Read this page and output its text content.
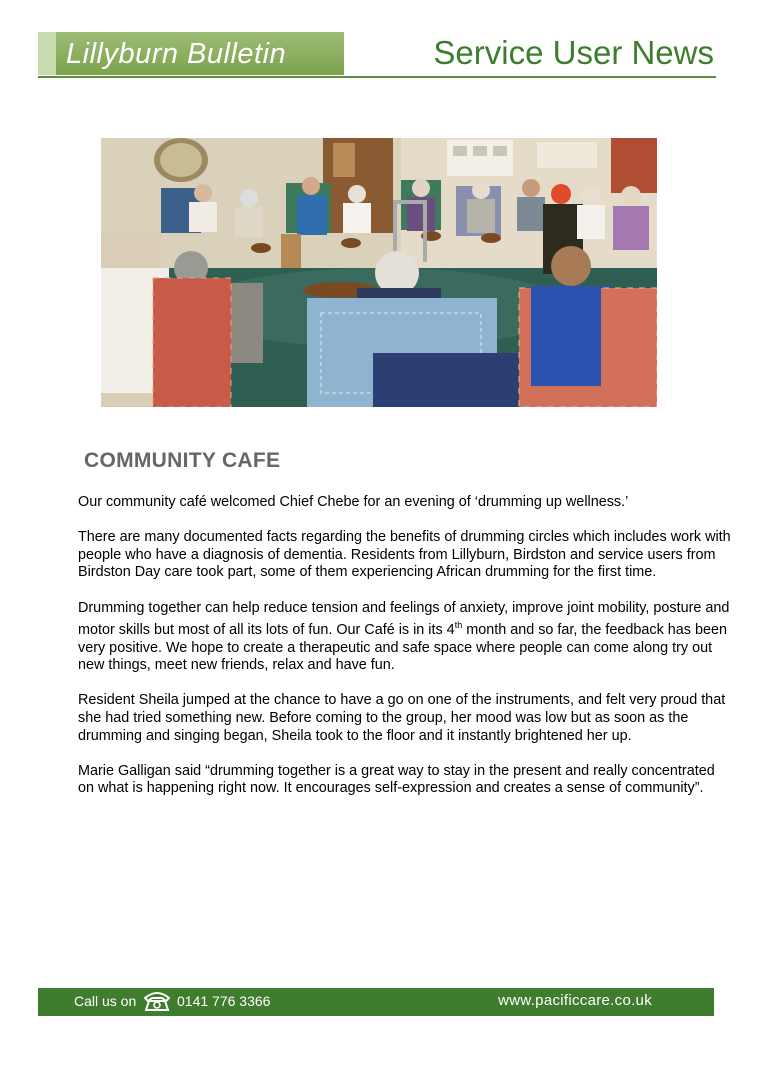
Lillyburn Bulletin	Service User News
COMMUNITY CAFE

Our community café welcomed Chief Chebe for an evening of ‘drumming up wellness.’

There are many documented facts regarding the benefits of drumming circles which includes work with people who have a diagnosis of dementia. Residents from Lillyburn, Birdston and service users from Birdston Day care took part, some of them experiencing African drumming for the first time.

Drumming together can help reduce tension and feelings of anxiety, improve joint mobility, posture and motor skills but most of all its lots of fun. Our Café is in its 4th month and so far, the feedback has been very positive. We hope to create a therapeutic and safe space where people can come along try out new things, meet new friends, relax and have fun.

Resident Sheila jumped at the chance to have a go on one of the instruments, and felt very proud that she had tried something new. Before coming to the group, her mood was low but as soon as the drumming and singing began, Sheila took to the floor and it instantly brightened her up.

Marie Galligan said “drumming together is a great way to stay in the present and really concentrated on what is happening right now. It encourages self-expression and creates a sense of community”.

Call us on	0141 776 3366	www.pacificcare.co.uk
